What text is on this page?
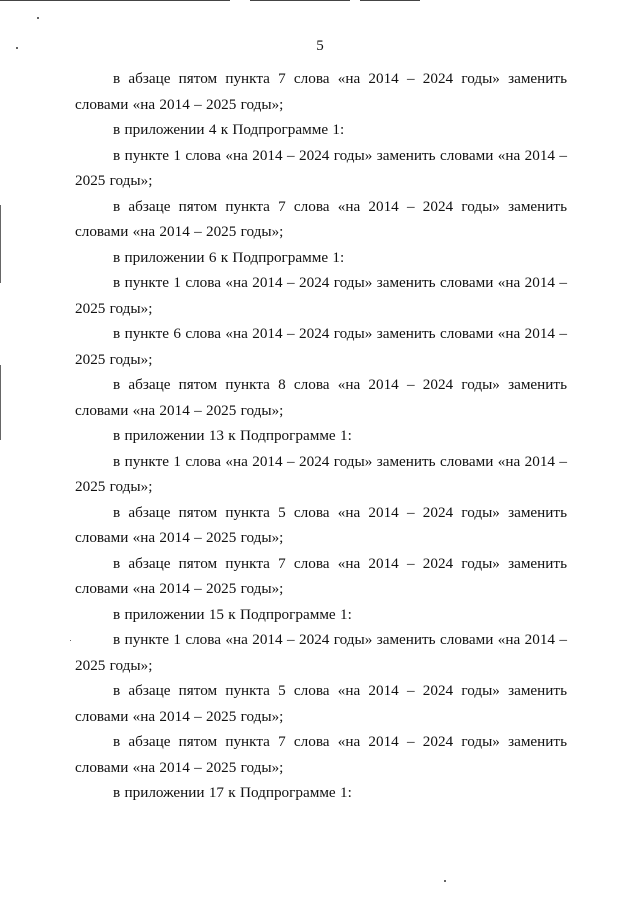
5

в абзаце пятом пункта 7 слова «на 2014 – 2024 годы» заменить словами «на 2014 – 2025 годы»;

в приложении 4 к Подпрограмме 1:

в пункте 1 слова «на 2014 – 2024 годы» заменить словами «на 2014 – 2025 годы»;

в абзаце пятом пункта 7 слова «на 2014 – 2024 годы» заменить словами «на 2014 – 2025 годы»;

в приложении 6 к Подпрограмме 1:

в пункте 1 слова «на 2014 – 2024 годы» заменить словами «на 2014 – 2025 годы»;

в пункте 6 слова «на 2014 – 2024 годы» заменить словами «на 2014 – 2025 годы»;

в абзаце пятом пункта 8 слова «на 2014 – 2024 годы» заменить словами «на 2014 – 2025 годы»;

в приложении 13 к Подпрограмме 1:

в пункте 1 слова «на 2014 – 2024 годы» заменить словами «на 2014 – 2025 годы»;

в абзаце пятом пункта 5 слова «на 2014 – 2024 годы» заменить словами «на 2014 – 2025 годы»;

в абзаце пятом пункта 7 слова «на 2014 – 2024 годы» заменить словами «на 2014 – 2025 годы»;

в приложении 15 к Подпрограмме 1:

в пункте 1 слова «на 2014 – 2024 годы» заменить словами «на 2014 – 2025 годы»;

в абзаце пятом пункта 5 слова «на 2014 – 2024 годы» заменить словами «на 2014 – 2025 годы»;

в абзаце пятом пункта 7 слова «на 2014 – 2024 годы» заменить словами «на 2014 – 2025 годы»;

в приложении 17 к Подпрограмме 1:
